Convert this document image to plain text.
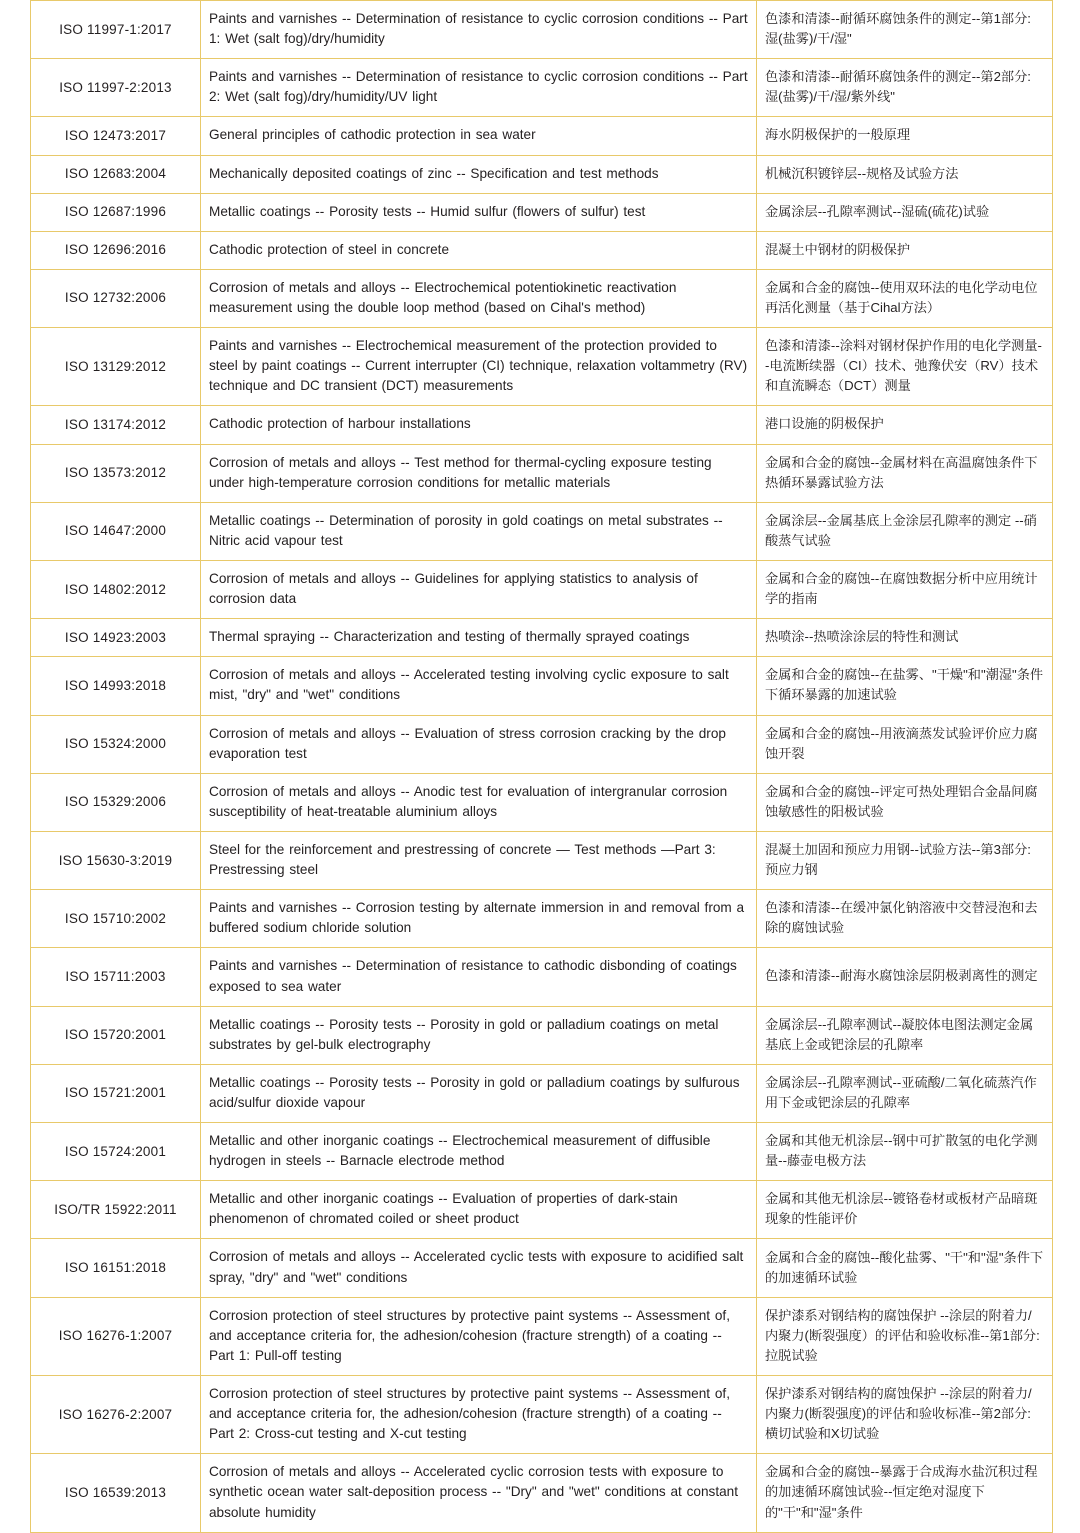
ISO 11997-1:2017	Paints and varnishes -- Determination of resistance to cyclic corrosion conditions -- Part 1: Wet (salt fog)/dry/humidity	色漆和清漆--耐循环腐蚀条件的测定--第1部分: 湿(盐雾)/干/湿"
ISO 11997-2:2013	Paints and varnishes -- Determination of resistance to cyclic corrosion conditions -- Part 2: Wet (salt fog)/dry/humidity/UV light	色漆和清漆--耐循环腐蚀条件的测定--第2部分: 湿(盐雾)/干/湿/紫外线"
ISO 12473:2017	General principles of cathodic protection in sea water	海水阴极保护的一般原理
ISO 12683:2004	Mechanically deposited coatings of zinc -- Specification and test methods	机械沉积镀锌层--规格及试验方法
ISO 12687:1996	Metallic coatings -- Porosity tests -- Humid sulfur (flowers of sulfur) test	金属涂层--孔隙率测试--湿硫(硫花)试验
ISO 12696:2016	Cathodic protection of steel in concrete	混凝土中钢材的阴极保护
ISO 12732:2006	Corrosion of metals and alloys -- Electrochemical potentiokinetic reactivation measurement using the double loop method (based on Cihal's method)	金属和合金的腐蚀--使用双环法的电化学动电位再活化测量（基于Cihal方法）
ISO 13129:2012	Paints and varnishes -- Electrochemical measurement of the protection provided to steel by paint coatings -- Current interrupter (CI) technique, relaxation voltammetry (RV) technique and DC transient (DCT) measurements	色漆和清漆--涂料对钢材保护作用的电化学测量--电流断续器（CI）技术、弛豫伏安（RV）技术和直流瞬态（DCT）测量
ISO 13174:2012	Cathodic protection of harbour installations	港口设施的阴极保护
ISO 13573:2012	Corrosion of metals and alloys -- Test method for thermal-cycling exposure testing under high-temperature corrosion conditions for metallic materials	金属和合金的腐蚀--金属材料在高温腐蚀条件下热循环暴露试验方法
ISO 14647:2000	Metallic coatings -- Determination of porosity in gold coatings on metal substrates -- Nitric acid vapour test	金属涂层--金属基底上金涂层孔隙率的测定 --硝酸蒸气试验
ISO 14802:2012	Corrosion of metals and alloys -- Guidelines for applying statistics to analysis of corrosion data	金属和合金的腐蚀--在腐蚀数据分析中应用统计学的指南
ISO 14923:2003	Thermal spraying -- Characterization and testing of thermally sprayed coatings	热喷涂--热喷涂涂层的特性和测试
ISO 14993:2018	Corrosion of metals and alloys -- Accelerated testing involving cyclic exposure to salt mist, "dry" and "wet" conditions	金属和合金的腐蚀--在盐雾、"干燥"和"潮湿"条件下循环暴露的加速试验
ISO 15324:2000	Corrosion of metals and alloys -- Evaluation of stress corrosion cracking by the drop evaporation test	金属和合金的腐蚀--用液滴蒸发试验评价应力腐蚀开裂
ISO 15329:2006	Corrosion of metals and alloys -- Anodic test for evaluation of intergranular corrosion susceptibility of heat-treatable aluminium alloys	金属和合金的腐蚀--评定可热处理铝合金晶间腐蚀敏感性的阳极试验
ISO 15630-3:2019	Steel for the reinforcement and prestressing of concrete — Test methods —Part 3: Prestressing steel	混凝土加固和预应力用钢--试验方法--第3部分: 预应力钢
ISO 15710:2002	Paints and varnishes -- Corrosion testing by alternate immersion in and removal from a buffered sodium chloride solution	色漆和清漆--在缓冲氯化钠溶液中交替浸泡和去除的腐蚀试验
ISO 15711:2003	Paints and varnishes -- Determination of resistance to cathodic disbonding of coatings exposed to sea water	色漆和清漆--耐海水腐蚀涂层阴极剥离性的测定
ISO 15720:2001	Metallic coatings -- Porosity tests -- Porosity in gold or palladium coatings on metal substrates by gel-bulk electrography	金属涂层--孔隙率测试--凝胶体电图法测定金属基底上金或钯涂层的孔隙率
ISO 15721:2001	Metallic coatings -- Porosity tests -- Porosity in gold or palladium coatings by sulfurous acid/sulfur dioxide vapour	金属涂层--孔隙率测试--亚硫酸/二氧化硫蒸汽作用下金或钯涂层的孔隙率
ISO 15724:2001	Metallic and other inorganic coatings -- Electrochemical measurement of diffusible hydrogen in steels -- Barnacle electrode method	金属和其他无机涂层--钢中可扩散氢的电化学测量--藤壶电极方法
ISO/TR 15922:2011	Metallic and other inorganic coatings -- Evaluation of properties of dark-stain phenomenon of chromated coiled or sheet product	金属和其他无机涂层--镀铬卷材或板材产品暗斑现象的性能评价
ISO 16151:2018	Corrosion of metals and alloys -- Accelerated cyclic tests with exposure to acidified salt spray, "dry" and "wet" conditions	金属和合金的腐蚀--酸化盐雾、"干"和"湿"条件下的加速循环试验
ISO 16276-1:2007	Corrosion protection of steel structures by protective paint systems -- Assessment of, and acceptance criteria for, the adhesion/cohesion (fracture strength) of a coating -- Part 1: Pull-off testing	保护漆系对钢结构的腐蚀保护 --涂层的附着力/内聚力(断裂强度）的评估和验收标准--第1部分: 拉脱试验
ISO 16276-2:2007	Corrosion protection of steel structures by protective paint systems -- Assessment of, and acceptance criteria for, the adhesion/cohesion (fracture strength) of a coating -- Part 2: Cross-cut testing and X-cut testing	保护漆系对钢结构的腐蚀保护 --涂层的附着力/内聚力(断裂强度)的评估和验收标准--第2部分: 横切试验和X切试验
ISO 16539:2013	Corrosion of metals and alloys -- Accelerated cyclic corrosion tests with exposure to synthetic ocean water salt-deposition process -- "Dry" and "wet" conditions at constant absolute humidity	金属和合金的腐蚀--暴露于合成海水盐沉积过程的加速循环腐蚀试验--恒定绝对湿度下的"干"和"湿"条件
